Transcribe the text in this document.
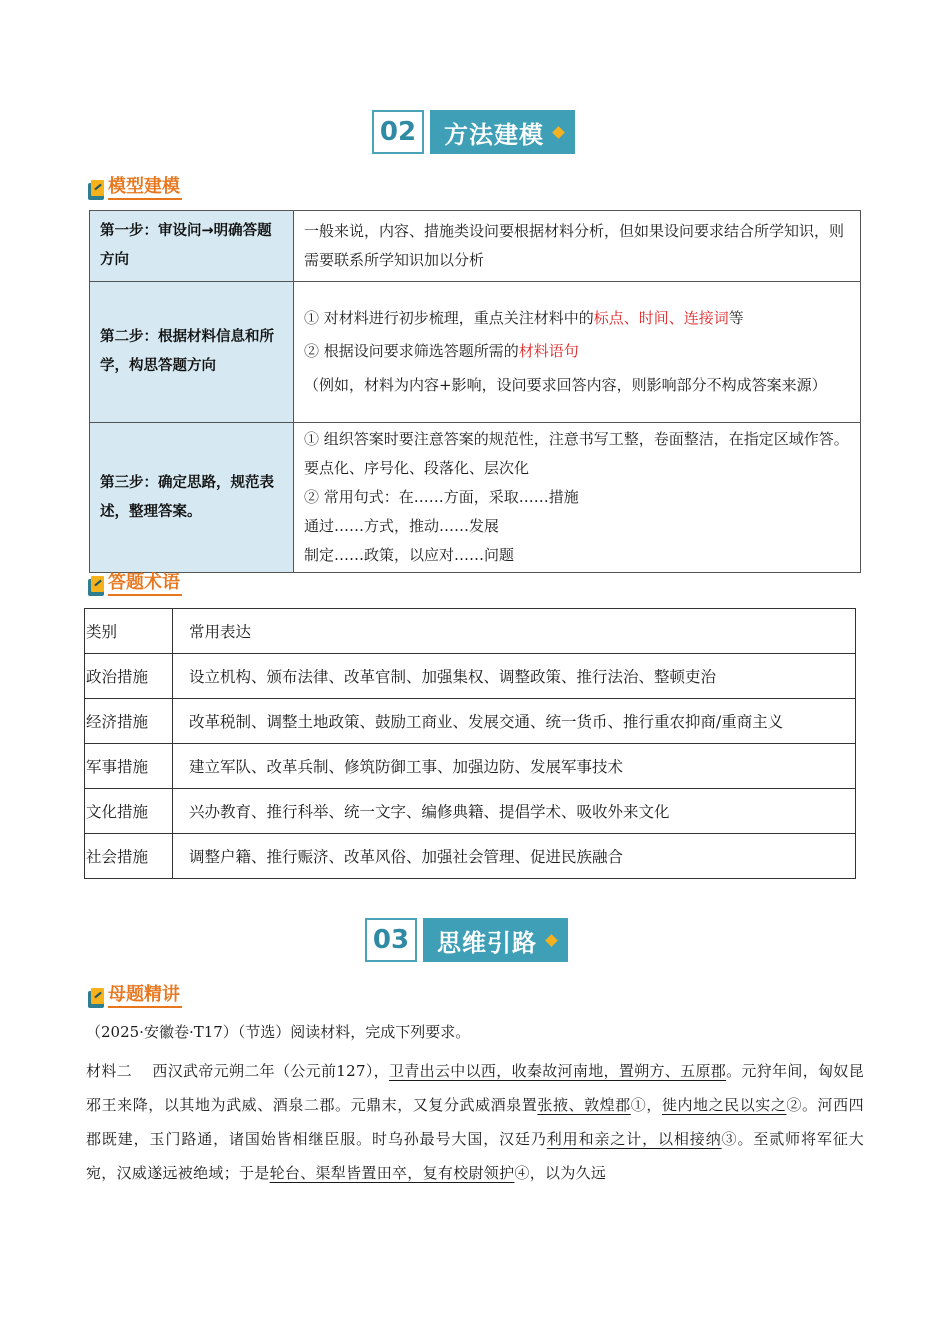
02	方法建模
模型建模
第一步：审设问→明确答题方向	一般来说，内容、措施类设问要根据材料分析，但如果设问要求结合所学知识，则需要联系所学知识加以分析
第二步：根据材料信息和所学，构思答题方向	① 对材料进行初步梳理，重点关注材料中的标点、时间、连接词等
② 根据设问要求筛选答题所需的材料语句
（例如，材料为内容+影响，设问要求回答内容，则影响部分不构成答案来源）

第三步：确定思路，规范表述，整理答案。	① 组织答案时要注意答案的规范性，注意书写工整，卷面整洁，在指定区域作答。要点化、序号化、段落化、层次化
② 常用句式：在……方面，采取……措施
通过……方式，推动……发展
制定……政策，以应对……问题
答题术语
类别	常用表达
政治措施	设立机构、颁布法律、改革官制、加强集权、调整政策、推行法治、整顿吏治
经济措施	改革税制、调整土地政策、鼓励工商业、发展交通、统一货币、推行重农抑商/重商主义
军事措施	建立军队、改革兵制、修筑防御工事、加强边防、发展军事技术
文化措施	兴办教育、推行科举、统一文字、编修典籍、提倡学术、吸收外来文化
社会措施	调整户籍、推行赈济、改革风俗、加强社会管理、促进民族融合
03	思维引路
母题精讲
（2025·安徽卷·T17）（节选）阅读材料，完成下列要求。
材料二　 西汉武帝元朔二年（公元前127），卫青出云中以西，收秦故河南地，置朔方、五原郡。元狩年间，匈奴昆邪王来降，以其地为武威、酒泉二郡。元鼎末，又复分武威酒泉置张掖、敦煌郡①，徙内地之民以实之②。河西四郡既建，玉门路通，诸国始皆相继臣服。时乌孙最号大国，汉廷乃利用和亲之计，以相接纳③。至贰师将军征大宛，汉威遂远被绝域；于是轮台、渠犁皆置田卒，复有校尉领护④，以为久远
